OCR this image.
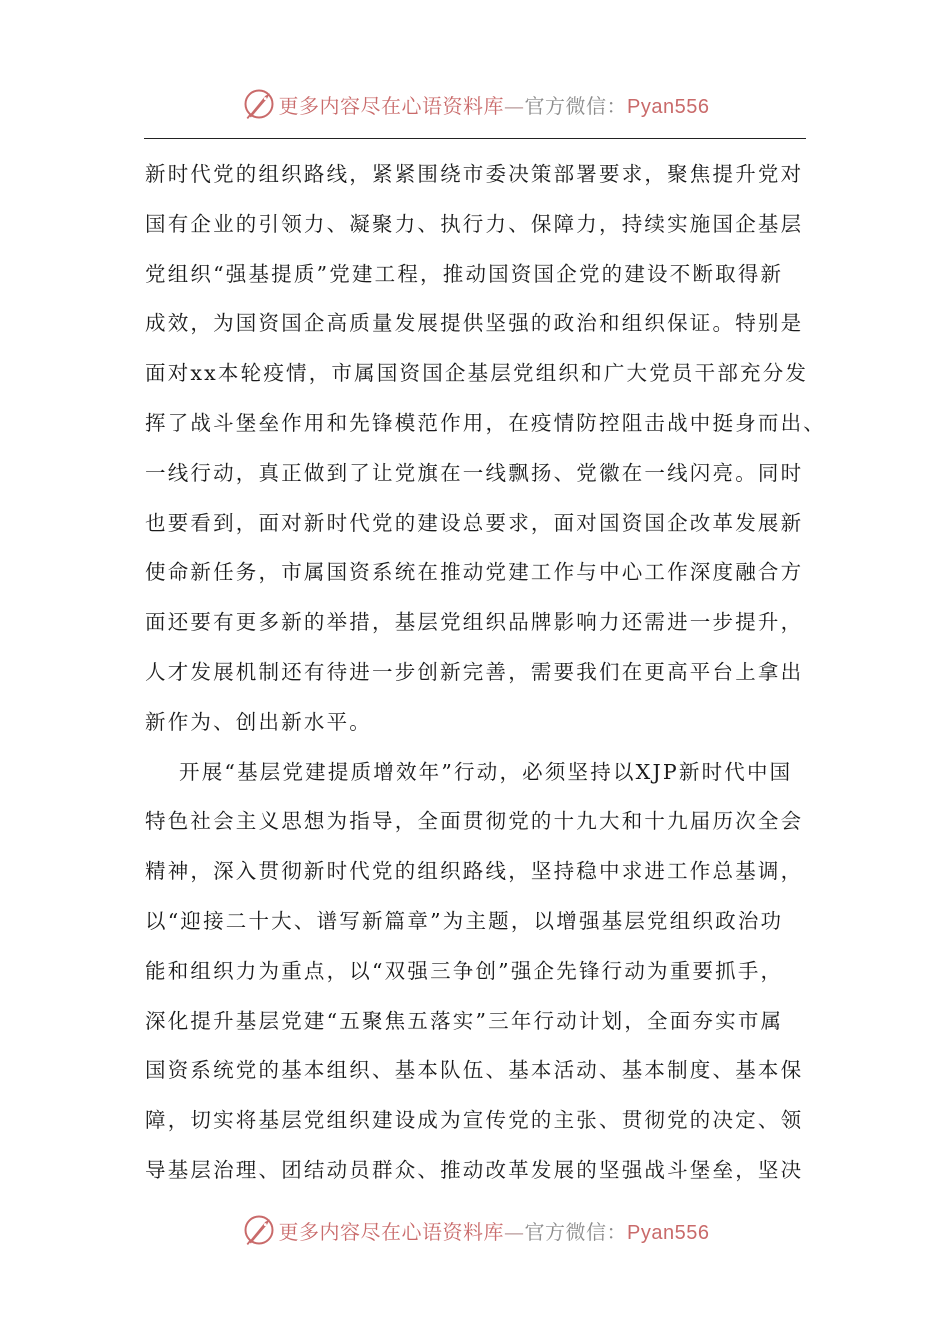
更多内容尽在心语资料库—官方微信：Pyan556
新时代党的组织路线，紧紧围绕市委决策部署要求，聚焦提升党对
国有企业的引领力、凝聚力、执行力、保障力，持续实施国企基层
党组织“强基提质”党建工程，推动国资国企党的建设不断取得新
成效，为国资国企高质量发展提供坚强的政治和组织保证。特别是
面对xx本轮疫情，市属国资国企基层党组织和广大党员干部充分发
挥了战斗堡垒作用和先锋模范作用，在疫情防控阻击战中挺身而出、
一线行动，真正做到了让党旗在一线飘扬、党徽在一线闪亮。同时
也要看到，面对新时代党的建设总要求，面对国资国企改革发展新
使命新任务，市属国资系统在推动党建工作与中心工作深度融合方
面还要有更多新的举措，基层党组织品牌影响力还需进一步提升，
人才发展机制还有待进一步创新完善，需要我们在更高平台上拿出
新作为、创出新水平。
开展“基层党建提质增效年”行动，必须坚持以XJP新时代中国
特色社会主义思想为指导，全面贯彻党的十九大和十九届历次全会
精神，深入贯彻新时代党的组织路线，坚持稳中求进工作总基调，
以“迎接二十大、谱写新篇章”为主题，以增强基层党组织政治功
能和组织力为重点，以“双强三争创”强企先锋行动为重要抓手，
深化提升基层党建“五聚焦五落实”三年行动计划，全面夯实市属
国资系统党的基本组织、基本队伍、基本活动、基本制度、基本保
障，切实将基层党组织建设成为宣传党的主张、贯彻党的决定、领
导基层治理、团结动员群众、推动改革发展的坚强战斗堡垒，坚决
更多内容尽在心语资料库—官方微信：Pyan556
